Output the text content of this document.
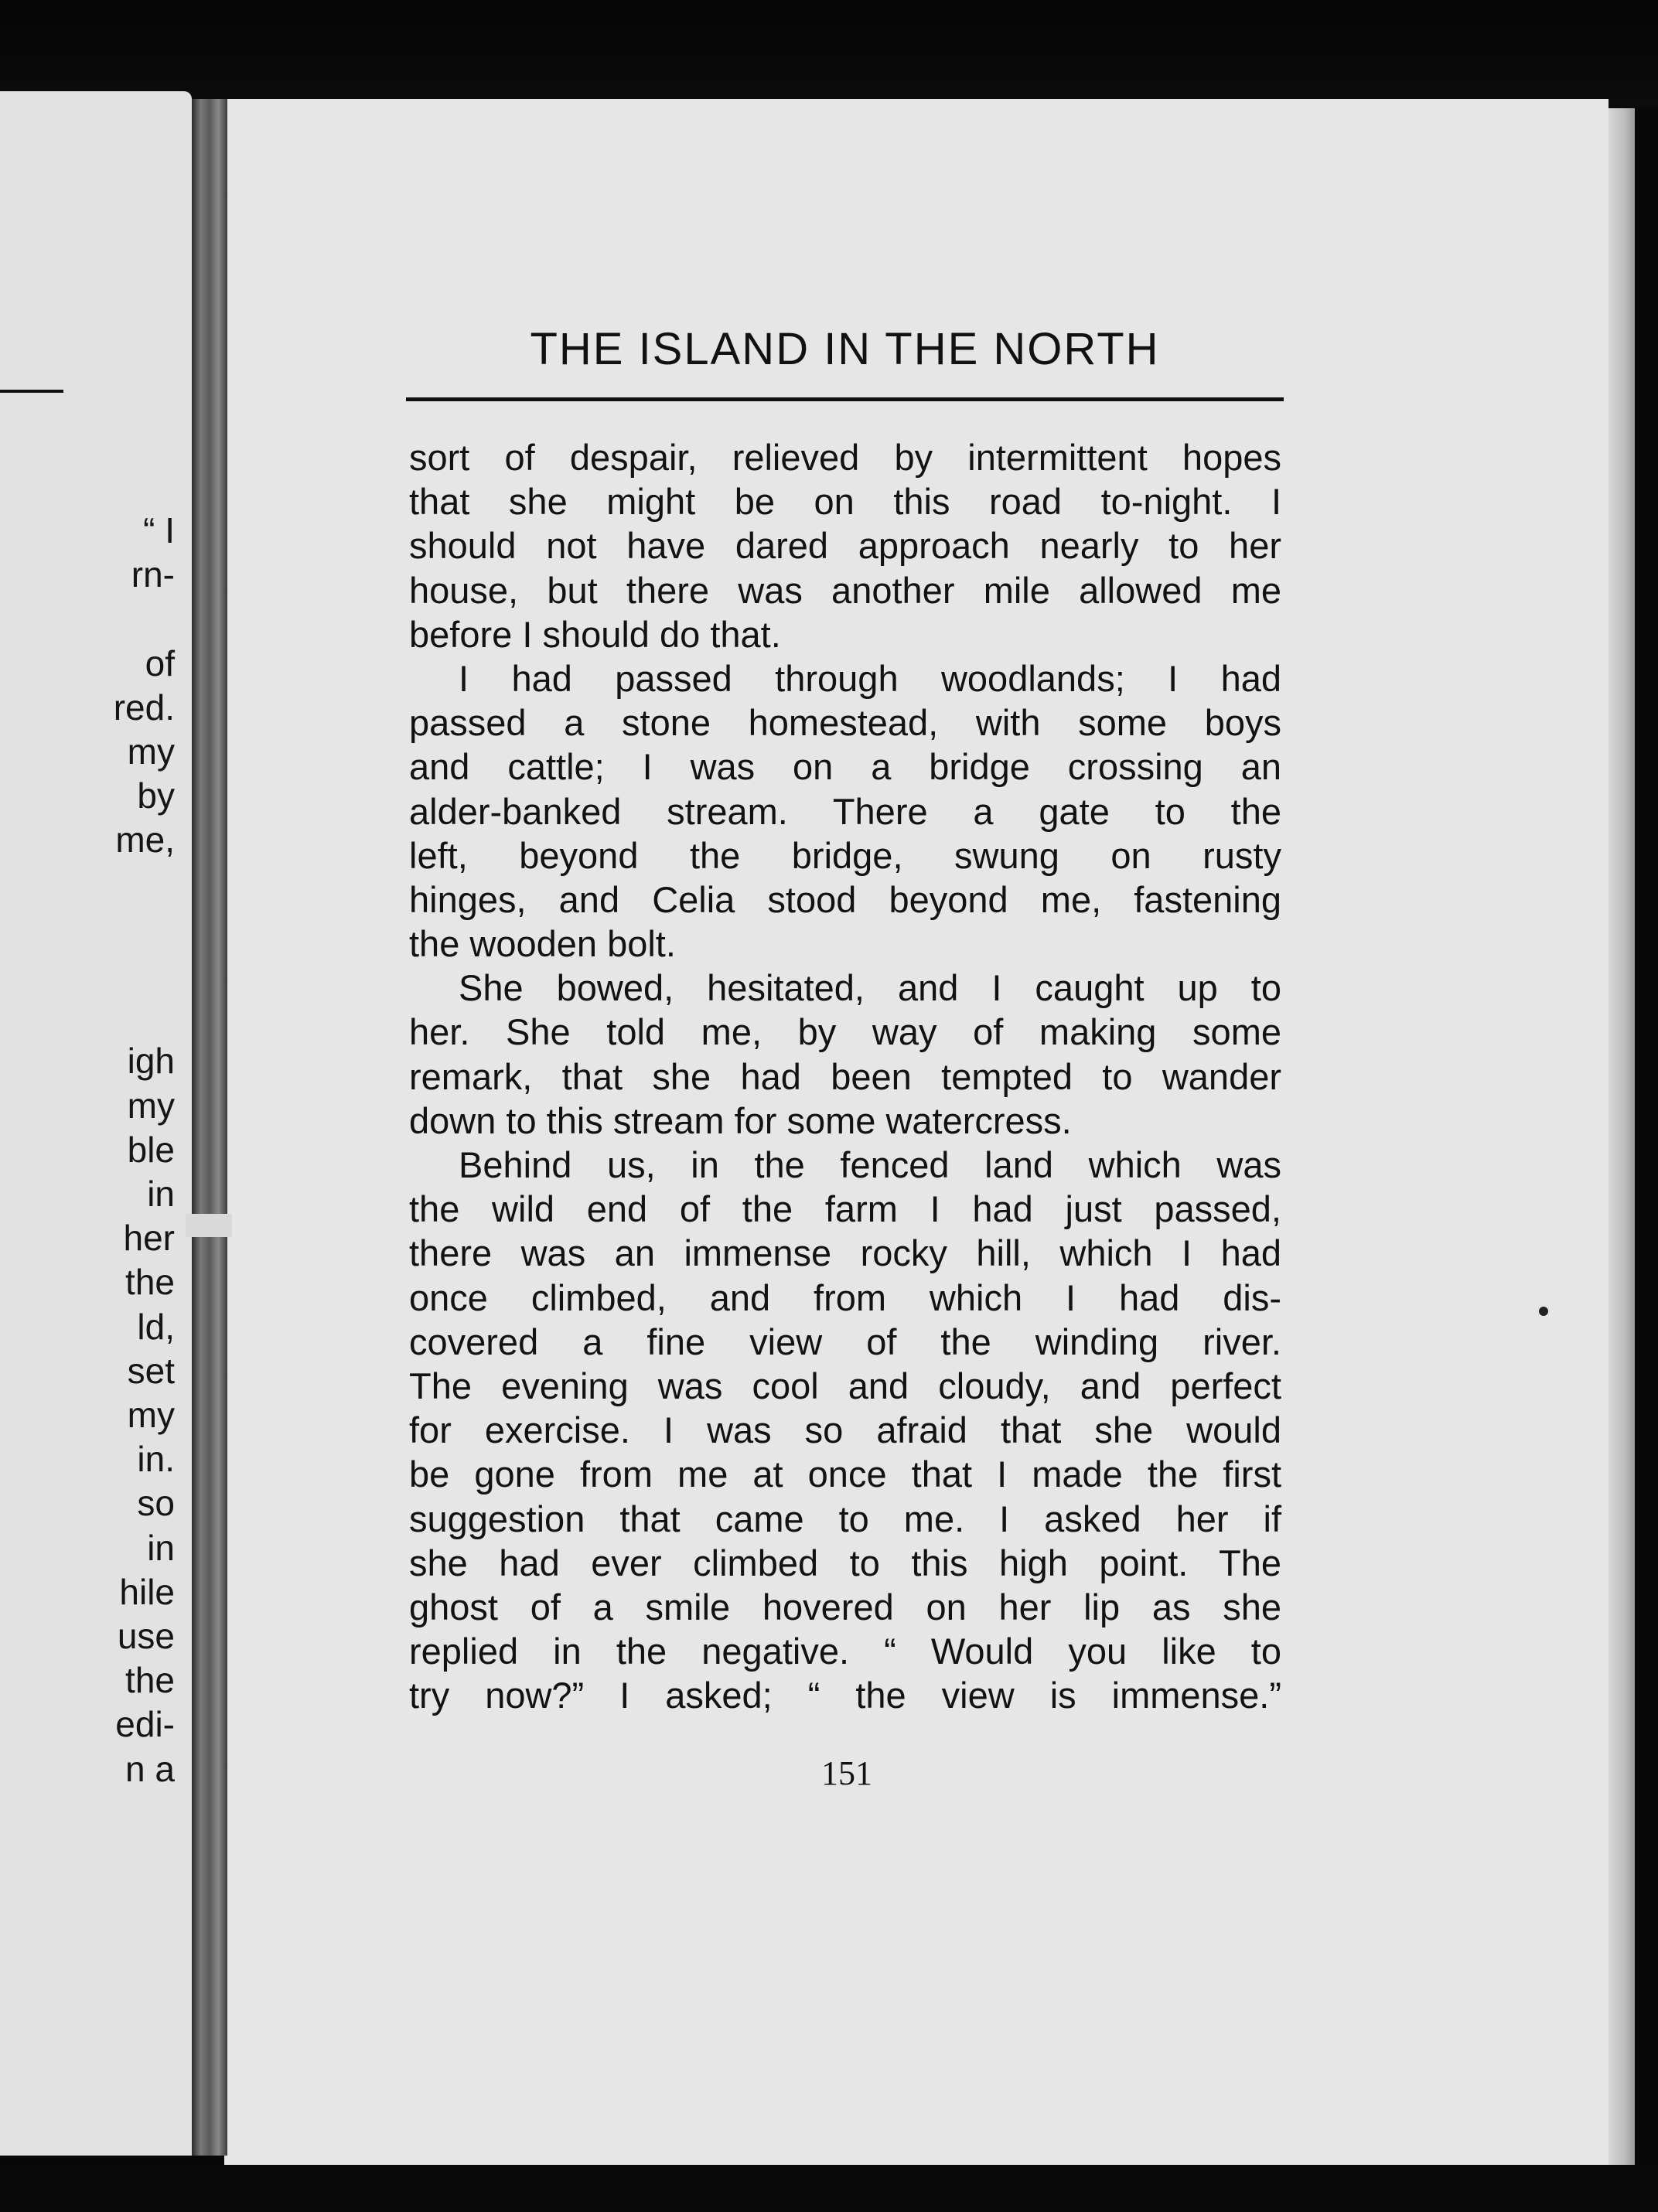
“ I
rn-
of
red.
my
by
me,
igh
my
ble
in
her
the
ld,
set
my
in.
so
in
hile
use
the
edi-
n a
THE ISLAND IN THE NORTH
sort of despair, relieved by intermittent hopes
that she might be on this road to-night. I
should not have dared approach nearly to her
house, but there was another mile allowed me
before I should do that.
I had passed through woodlands; I had
passed a stone homestead, with some boys
and cattle; I was on a bridge crossing an
alder-banked stream. There a gate to the
left, beyond the bridge, swung on rusty
hinges, and Celia stood beyond me, fastening
the wooden bolt.
She bowed, hesitated, and I caught up to
her. She told me, by way of making some
remark, that she had been tempted to wander
down to this stream for some watercress.
Behind us, in the fenced land which was
the wild end of the farm I had just passed,
there was an immense rocky hill, which I had
once climbed, and from which I had dis-
covered a fine view of the winding river.
The evening was cool and cloudy, and perfect
for exercise. I was so afraid that she would
be gone from me at once that I made the first
suggestion that came to me. I asked her if
she had ever climbed to this high point. The
ghost of a smile hovered on her lip as she
replied in the negative. “ Would you like to
try now?” I asked; “ the view is immense.”
151
